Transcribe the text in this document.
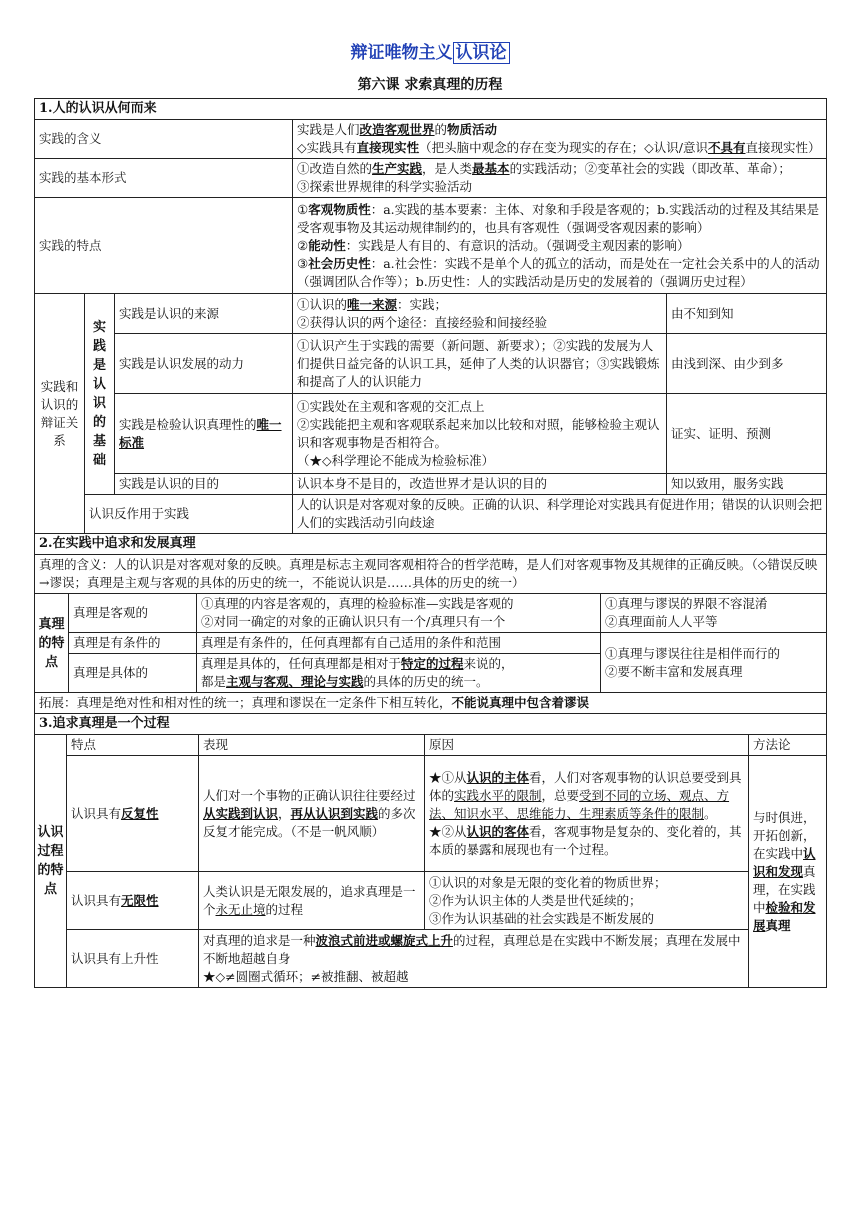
辩证唯物主义 认识论
第六课 求索真理的历程
1.人的认识从何而来				
实践的含义			实践是人们改造客观世界的物质活动
◇实践具有直接现实性（把头脑中观念的存在变为现实的存在；◇认识/意识不具有直接现实性）	
实践的基本形式			①改造自然的生产实践，是人类最基本的实践活动；②变革社会的实践（即改革、革命）；
③探索世界规律的科学实验活动	
实践的特点			①客观物质性：a.实践的基本要素：主体、对象和手段是客观的；b.实践活动的过程及其结果是受客观事物及其运动规律制约的，也具有客观性（强调受客观因素的影响）
②能动性：实践是人有目的、有意识的活动。（强调受主观因素的影响）
③社会历史性：a.社会性：实践不是单个人的孤立的活动，而是处在一定社会关系中的人的活动（强调团队合作等）；b.历史性：人的实践活动是历史的发展着的（强调历史过程）	
实践和认识的辩证关系	实践是认识的基础	实践是认识的来源	①认识的唯一来源：实践；
②获得认识的两个途径：直接经验和间接经验	由不知到知
		实践是认识发展的动力	①认识产生于实践的需要（新问题、新要求）；②实践的发展为人们提供日益完备的认识工具，延伸了人类的认识器官；③实践锻炼和提高了人的认识能力	由浅到深、由少到多
		实践是检验认识真理性的唯一标准	①实践处在主观和客观的交汇点上
②实践能把主观和客观联系起来加以比较和对照，能够检验主观认识和客观事物是否相符合。
（★◇科学理论不能成为检验标准）	证实、证明、预测
		实践是认识的目的	认识本身不是目的，改造世界才是认识的目的	知以致用，服务实践
	认识反作用于实践		人的认识是对客观对象的反映。正确的认识、科学理论对实践具有促进作用；错误的认识则会把人们的实践活动引向歧途	
2.在实践中追求和发展真理			
真理的含义：人的认识是对客观对象的反映。真理是标志主观同客观相符合的哲学范畴，是人们对客观事物及其规律的正确反映。（◇错误反映→谬误；真理是主观与客观的具体的历史的统一，不能说认识是……具体的历史的统一）			
真理的特点	真理是客观的	①真理的内容是客观的，真理的检验标准—实践是客观的
②对同一确定的对象的正确认识只有一个/真理只有一个	①真理与谬误的界限不容混淆
②真理面前人人平等
	真理是有条件的	真理是有条件的，任何真理都有自己适用的条件和范围	①真理与谬误往往是相伴而行的
②要不断丰富和发展真理
	真理是具体的	真理是具体的，任何真理都是相对于特定的过程来说的，
都是主观与客观、理论与实践的具体的历史的统一。	
拓展：真理是绝对性和相对性的统一；真理和谬误在一定条件下相互转化，不能说真理中包含着谬误			
3.追求真理是一个过程				
认识过程的特点	特点	表现	原因	方法论
	认识具有反复性	人们对一个事物的正确认识往往要经过从实践到认识，再从认识到实践的多次反复才能完成。（不是一帆风顺）	★①从认识的主体看，人们对客观事物的认识总要受到具体的实践水平的限制，总要受到不同的立场、观点、方法、知识水平、思维能力、生理素质等条件的限制。
★②从认识的客体看，客观事物是复杂的、变化着的，其本质的暴露和展现也有一个过程。	与时俱进，开拓创新，在实践中认识和发现真理，在实践中检验和发展真理
	认识具有无限性	人类认识是无限发展的，追求真理是一个永无止境的过程	①认识的对象是无限的变化着的物质世界；
②作为认识主体的人类是世代延续的；
③作为认识基础的社会实践是不断发展的	
	认识具有上升性	对真理的追求是一种波浪式前进或螺旋式上升的过程，真理总是在实践中不断发展；真理在发展中不断地超越自身
★◇≠圆圈式循环；≠被推翻、被超越		
